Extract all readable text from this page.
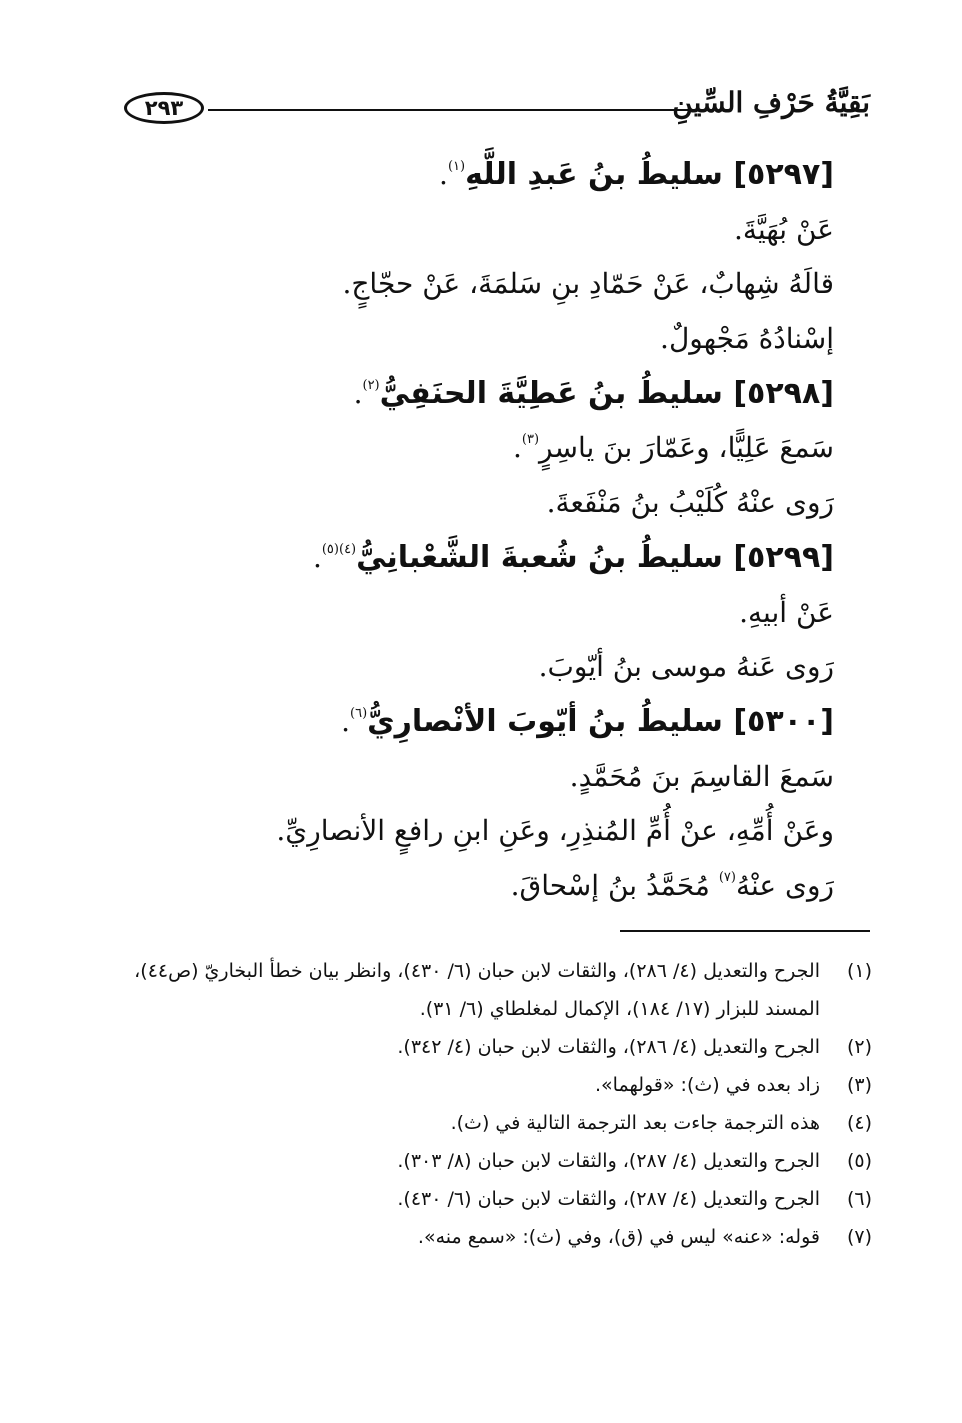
٢٩٣	بَقِيَّةُ حَرْفِ السِّينِ
[٥٢٩٧] سليطُ بنُ عَبدِ اللَّهِ$^{(١)}$.
عَنْ بُهَيَّةَ.
قالَهُ شِهابٌ، عَنْ حَمّادِ بنِ سَلمَةَ، عَنْ حجّاجٍ.
إسْنادُهُ مَجْهولٌ.
[٥٢٩٨] سليطُ بنُ عَطِيَّةَ الحنَفِيُّ$^{(٢)}$.
سَمعَ عَلِيًّا، وعَمّارَ بنَ ياسِرٍ$^{(٣)}$.
رَوى عنْهُ كُلَيْبُ بنُ مَنْفَعةَ.
[٥٢٩٩] سليطُ بنُ شُعبةَ الشَّعْبانِيُّ$^{(٤)(٥)}$.
عَنْ أبيهِ.
رَوى عَنهُ موسى بنُ أيّوبَ.
[٥٣٠٠] سليطُ بنُ أيّوبَ الأنْصارِيُّ$^{(٦)}$.
سَمعَ القاسِمَ بنَ مُحَمَّدٍ.
وعَنْ أُمِّهِ، عنْ أُمِّ المُنذِرِ، وعَنِ ابنِ رافعٍ الأنصارِيِّ.
رَوى عنْهُ$^{(٧)}$ مُحَمَّدُ بنُ إسْحاقَ.
(١)
الجرح والتعديل (٤/ ٢٨٦)، والثقات لابن حبان (٦/ ٤٣٠)، وانظر بيان خطأ البخاريّ (ص٤٤)، المسند للبزار (١٧/ ١٨٤)، الإكمال لمغلطاي (٦/ ٣١).
(٢)
الجرح والتعديل (٤/ ٢٨٦)، والثقات لابن حبان (٤/ ٣٤٢).
(٣)
زاد بعده في (ث): «قولهما».
(٤)
هذه الترجمة جاءت بعد الترجمة التالية في (ث).
(٥)
الجرح والتعديل (٤/ ٢٨٧)، والثقات لابن حبان (٨/ ٣٠٣).
(٦)
الجرح والتعديل (٤/ ٢٨٧)، والثقات لابن حبان (٦/ ٤٣٠).
(٧)
قوله: «عنه» ليس في (ق)، وفي (ث): «سمع منه».
